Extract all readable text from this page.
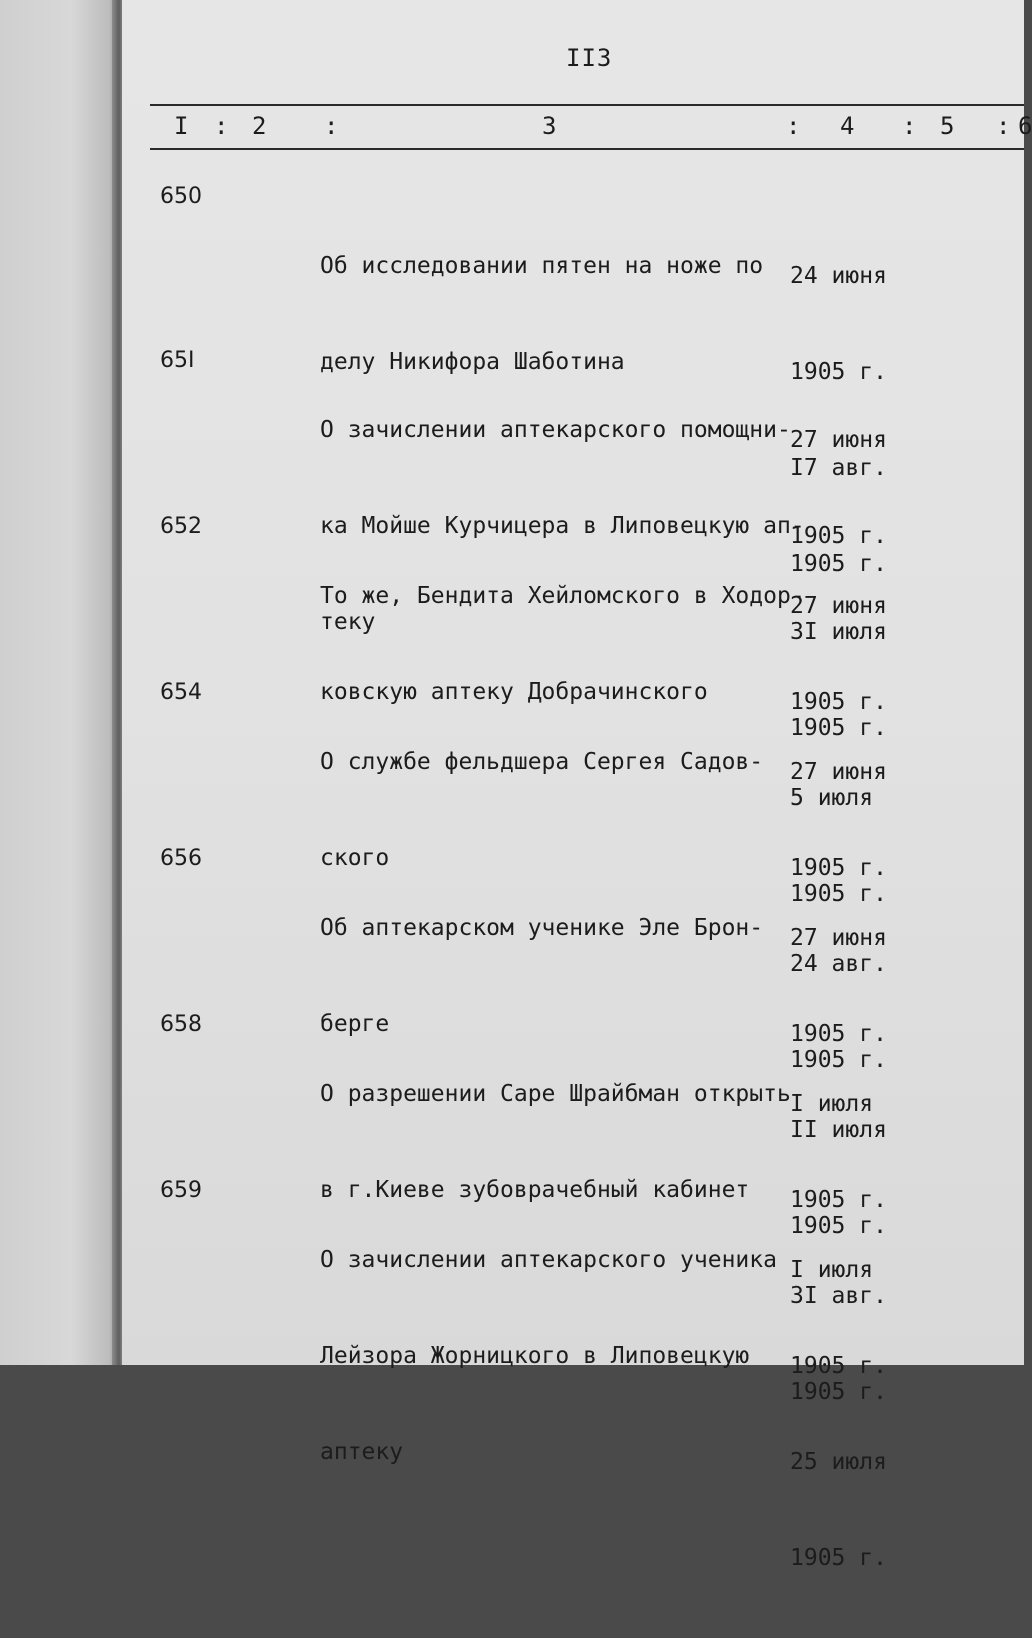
II3
I : 2 :	3	: 4 : 5 : 6
650

Об исследовании пятен на ноже по

делу Никифора Шаботина

24 июня

1905 г.

I7 авг.

1905 г.

65I

О зачислении аптекарского помощни-

ка Мойше Курчицера в Липовецкую ап-

теку

27 июня

1905 г.

3I июля

1905 г.

652

То же, Бендита Хейломского в Ходор-

ковскую аптеку Добрачинского

27 июня

1905 г.

5 июля

1905 г.

654

О службе фельдшера Сергея Садов-

ского

27 июня

1905 г.

24 авг.

1905 г.

656

Об аптекарском ученике Эле Брон-

берге

27 июня

1905 г.

II июля

1905 г.

658

О разрешении Саре Шрайбман открыть

в г.Киеве зубоврачебный кабинет

I июля

1905 г.

3I авг.

1905 г.

659

О зачислении аптекарского ученика

Лейзора Жорницкого в Липовецкую

аптеку

I июля

1905 г.

25 июля

1905 г.
